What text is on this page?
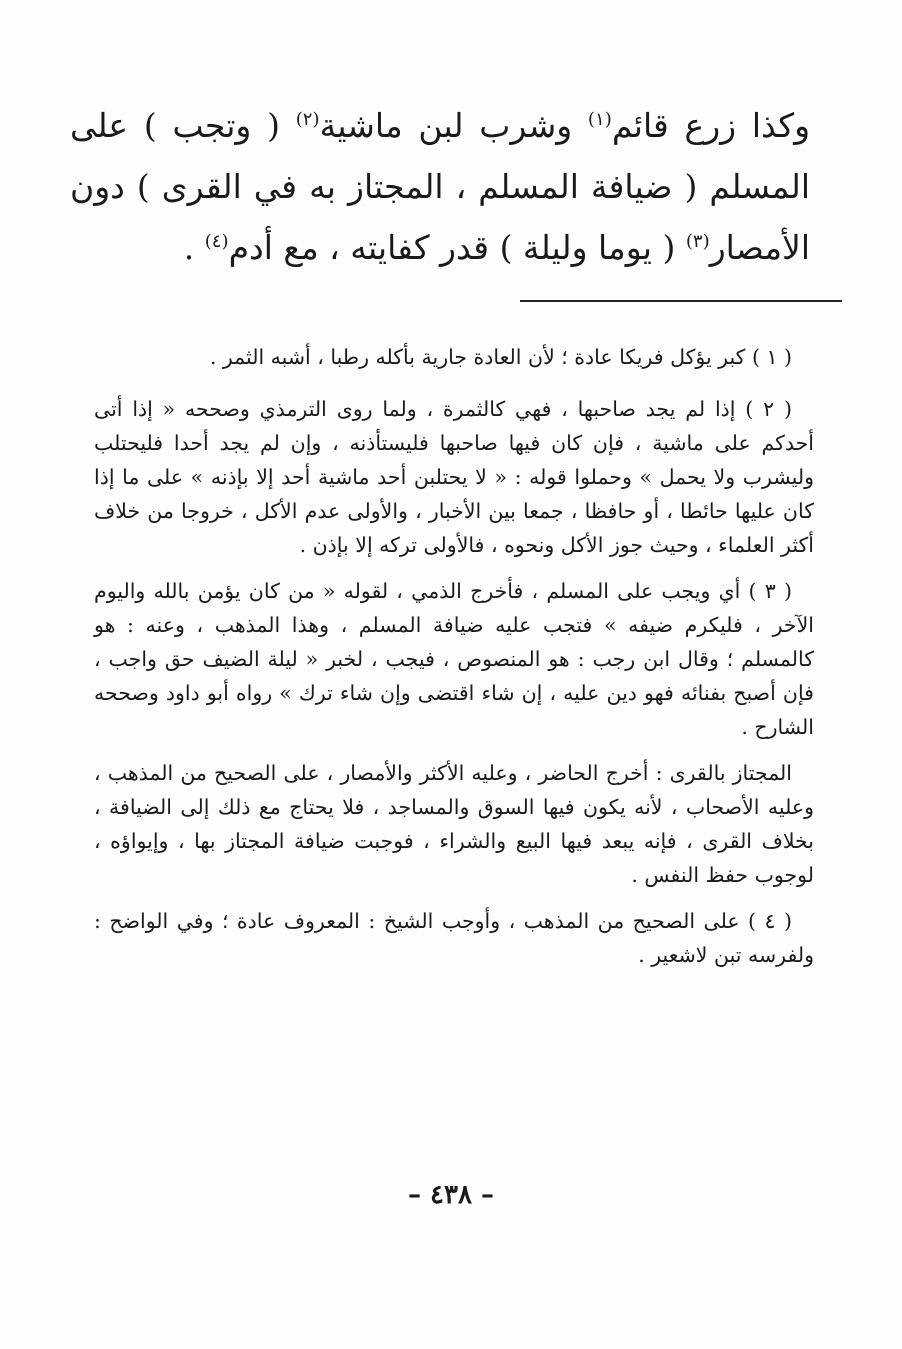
وكذا زرع قائم$^{(١)}$ وشرب لبن ماشية$^{(٢)}$ ( وتجب ) على المسلم ( ضيافة المسلم ، المجتاز به في القرى ) دون الأمصار$^{(٣)}$ ( يوما وليلة ) قدر كفايته ، مع أدم$^{(٤)}$ .

( ١ ) كبر يؤكل فريكا عادة ؛ لأن العادة جارية بأكله رطبا ، أشبه الثمر .

( ٢ ) إذا لم يجد صاحبها ، فهي كالثمرة ، ولما روى الترمذي وصححه « إذا أتى أحدكم على ماشية ، فإن كان فيها صاحبها فليستأذنه ، وإن لم يجد أحدا فليحتلب وليشرب ولا يحمل » وحملوا قوله : « لا يحتلبن أحد ماشية أحد إلا بإذنه » على ما إذا كان عليها حائطا ، أو حافظا ، جمعا بين الأخبار ، والأولى عدم الأكل ، خروجا من خلاف أكثر العلماء ، وحيث جوز الأكل ونحوه ، فالأولى تركه إلا بإذن .

( ٣ ) أي ويجب على المسلم ، فأخرج الذمي ، لقوله « من كان يؤمن بالله واليوم الآخر ، فليكرم ضيفه » فتجب عليه ضيافة المسلم ، وهذا المذهب ، وعنه : هو كالمسلم ؛ وقال ابن رجب : هو المنصوص ، فيجب ، لخبر « ليلة الضيف حق واجب ، فإن أصبح بفنائه فهو دين عليه ، إن شاء اقتضى وإن شاء ترك » رواه أبو داود وصححه الشارح .

المجتاز بالقرى : أخرج الحاضر ، وعليه الأكثر والأمصار ، على الصحيح من المذهب ، وعليه الأصحاب ، لأنه يكون فيها السوق والمساجد ، فلا يحتاج مع ذلك إلى الضيافة ، بخلاف القرى ، فإنه يبعد فيها البيع والشراء ، فوجبت ضيافة المجتاز بها ، وإيواؤه ، لوجوب حفظ النفس .

( ٤ ) على الصحيح من المذهب ، وأوجب الشيخ : المعروف عادة ؛ وفي الواضح : ولفرسه تبن لاشعير .

– ٤٣٨ –
